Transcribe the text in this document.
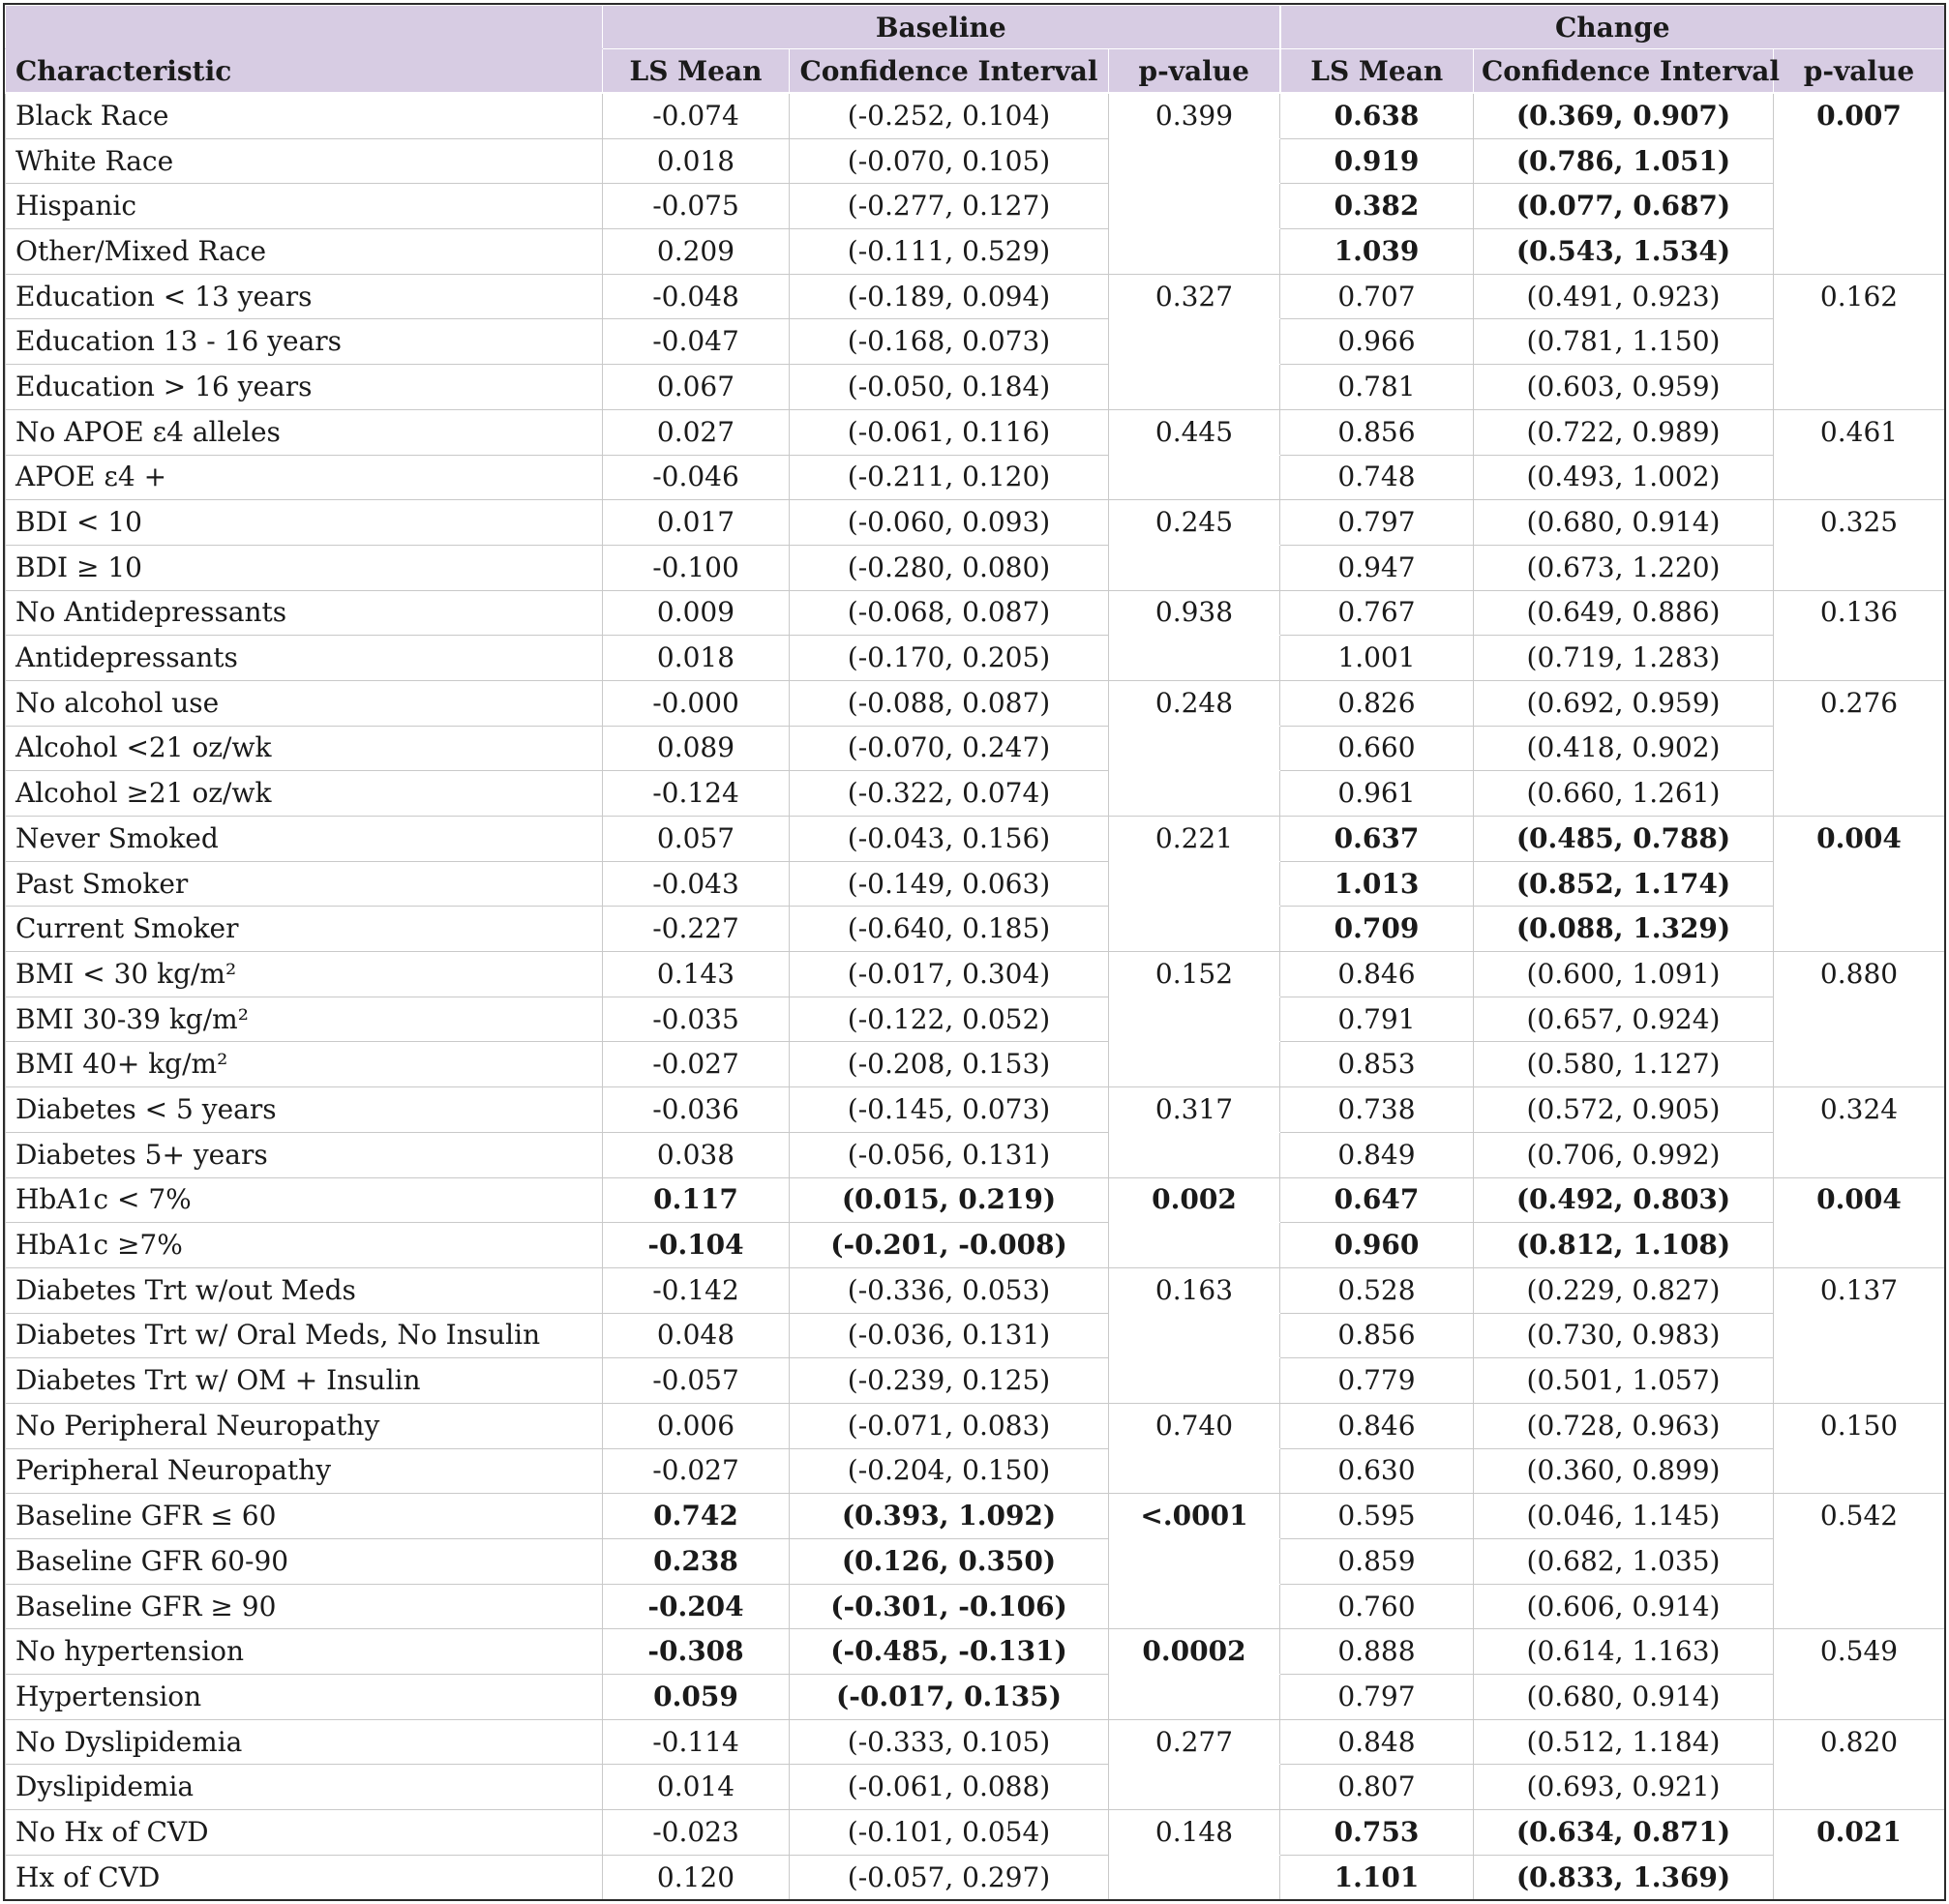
	Baseline			Change		
Characteristic	LS Mean	Confidence Interval	p-value	LS Mean	Confidence Interval	p-value
Black Race	-0.074	(-0.252, 0.104)	0.399	0.638	(0.369, 0.907)	0.007
White Race	0.018	(-0.070, 0.105)		0.919	(0.786, 1.051)	
Hispanic	-0.075	(-0.277, 0.127)		0.382	(0.077, 0.687)	
Other/Mixed Race	0.209	(-0.111, 0.529)		1.039	(0.543, 1.534)	
Education < 13 years	-0.048	(-0.189, 0.094)	0.327	0.707	(0.491, 0.923)	0.162
Education 13 - 16 years	-0.047	(-0.168, 0.073)		0.966	(0.781, 1.150)	
Education > 16 years	0.067	(-0.050, 0.184)		0.781	(0.603, 0.959)	
No APOE ε4 alleles	0.027	(-0.061, 0.116)	0.445	0.856	(0.722, 0.989)	0.461
APOE ε4 +	-0.046	(-0.211, 0.120)		0.748	(0.493, 1.002)	
BDI < 10	0.017	(-0.060, 0.093)	0.245	0.797	(0.680, 0.914)	0.325
BDI ≥ 10	-0.100	(-0.280, 0.080)		0.947	(0.673, 1.220)	
No Antidepressants	0.009	(-0.068, 0.087)	0.938	0.767	(0.649, 0.886)	0.136
Antidepressants	0.018	(-0.170, 0.205)		1.001	(0.719, 1.283)	
No alcohol use	-0.000	(-0.088, 0.087)	0.248	0.826	(0.692, 0.959)	0.276
Alcohol <21 oz/wk	0.089	(-0.070, 0.247)		0.660	(0.418, 0.902)	
Alcohol ≥21 oz/wk	-0.124	(-0.322, 0.074)		0.961	(0.660, 1.261)	
Never Smoked	0.057	(-0.043, 0.156)	0.221	0.637	(0.485, 0.788)	0.004
Past Smoker	-0.043	(-0.149, 0.063)		1.013	(0.852, 1.174)	
Current Smoker	-0.227	(-0.640, 0.185)		0.709	(0.088, 1.329)	
BMI < 30 kg/m²	0.143	(-0.017, 0.304)	0.152	0.846	(0.600, 1.091)	0.880
BMI 30-39 kg/m²	-0.035	(-0.122, 0.052)		0.791	(0.657, 0.924)	
BMI 40+ kg/m²	-0.027	(-0.208, 0.153)		0.853	(0.580, 1.127)	
Diabetes < 5 years	-0.036	(-0.145, 0.073)	0.317	0.738	(0.572, 0.905)	0.324
Diabetes 5+ years	0.038	(-0.056, 0.131)		0.849	(0.706, 0.992)	
HbA1c < 7%	0.117	(0.015, 0.219)	0.002	0.647	(0.492, 0.803)	0.004
HbA1c ≥7%	-0.104	(-0.201, -0.008)		0.960	(0.812, 1.108)	
Diabetes Trt w/out Meds	-0.142	(-0.336, 0.053)	0.163	0.528	(0.229, 0.827)	0.137
Diabetes Trt w/ Oral Meds, No Insulin	0.048	(-0.036, 0.131)		0.856	(0.730, 0.983)	
Diabetes Trt w/ OM + Insulin	-0.057	(-0.239, 0.125)		0.779	(0.501, 1.057)	
No Peripheral Neuropathy	0.006	(-0.071, 0.083)	0.740	0.846	(0.728, 0.963)	0.150
Peripheral Neuropathy	-0.027	(-0.204, 0.150)		0.630	(0.360, 0.899)	
Baseline GFR ≤ 60	0.742	(0.393, 1.092)	<.0001	0.595	(0.046, 1.145)	0.542
Baseline GFR 60-90	0.238	(0.126, 0.350)		0.859	(0.682, 1.035)	
Baseline GFR ≥ 90	-0.204	(-0.301, -0.106)		0.760	(0.606, 0.914)	
No hypertension	-0.308	(-0.485, -0.131)	0.0002	0.888	(0.614, 1.163)	0.549
Hypertension	0.059	(-0.017, 0.135)		0.797	(0.680, 0.914)	
No Dyslipidemia	-0.114	(-0.333, 0.105)	0.277	0.848	(0.512, 1.184)	0.820
Dyslipidemia	0.014	(-0.061, 0.088)		0.807	(0.693, 0.921)	
No Hx of CVD	-0.023	(-0.101, 0.054)	0.148	0.753	(0.634, 0.871)	0.021
Hx of CVD	0.120	(-0.057, 0.297)		1.101	(0.833, 1.369)	
